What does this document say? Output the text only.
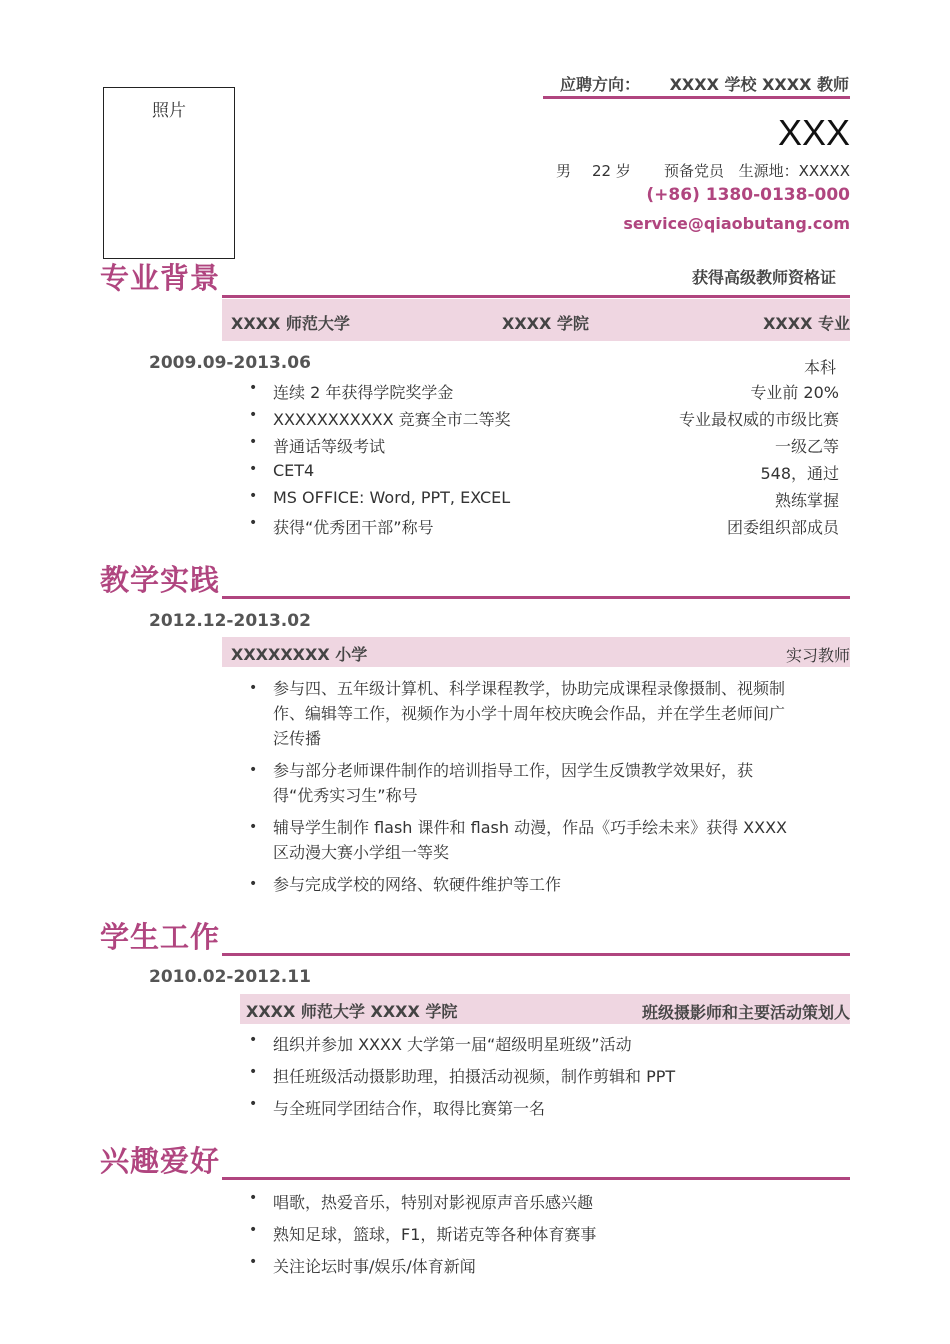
照片
应聘方向： XXXX 学校 XXXX 教师
XXX
男 22 岁 预备党员 生源地：XXXXX
(+86) 1380-0138-000
service@qiaobutang.com
专业背景	获得高级教师资格证
XXXX 师范大学	XXXX 学院	XXXX 专业
2009.09-2013.06	本科
• 连续 2 年获得学院奖学金	专业前 20%
• XXXXXXXXXXX 竞赛全市二等奖	专业最权威的市级比赛
• 普通话等级考试	一级乙等
• CET4	548，通过
• MS OFFICE: Word, PPT, EXCEL	熟练掌握
• 获得“优秀团干部”称号	团委组织部成员
教学实践
2012.12-2013.02
XXXXXXXX 小学	实习教师
• 参与四、五年级计算机、科学课程教学，协助完成课程录像摄制、视频制作、编辑等工作，视频作为小学十周年校庆晚会作品，并在学生老师间广泛传播
• 参与部分老师课件制作的培训指导工作，因学生反馈教学效果好，获得“优秀实习生”称号
• 辅导学生制作 flash 课件和 flash 动漫，作品《巧手绘未来》获得 XXXX 区动漫大赛小学组一等奖
• 参与完成学校的网络、软硬件维护等工作
学生工作
2010.02-2012.11
XXXX 师范大学 XXXX 学院	班级摄影师和主要活动策划人
• 组织并参加 XXXX 大学第一届“超级明星班级”活动
• 担任班级活动摄影助理，拍摄活动视频，制作剪辑和 PPT
• 与全班同学团结合作，取得比赛第一名
兴趣爱好
• 唱歌，热爱音乐，特别对影视原声音乐感兴趣
• 熟知足球，篮球，F1，斯诺克等各种体育赛事
• 关注论坛时事/娱乐/体育新闻
